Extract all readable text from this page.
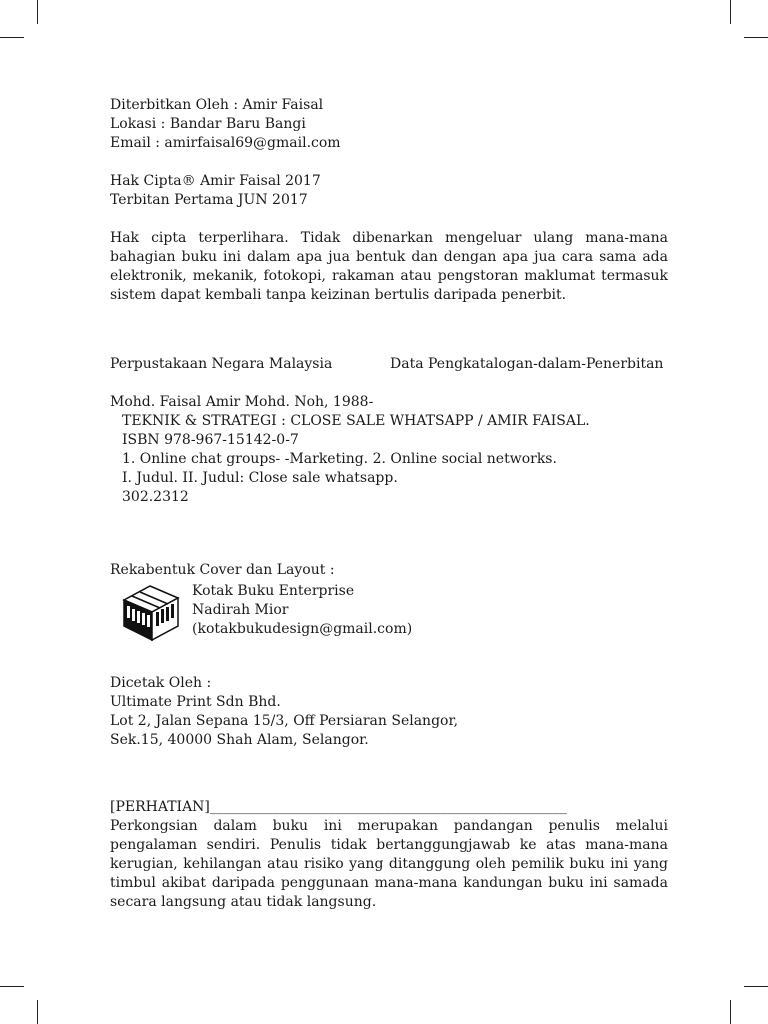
Diterbitkan Oleh : Amir Faisal
Lokasi : Bandar Baru Bangi
Email : amirfaisal69@gmail.com
Hak Cipta® Amir Faisal 2017
Terbitan Pertama JUN 2017
Hak cipta terperlihara. Tidak dibenarkan mengeluar ulang mana-mana bahagian buku ini dalam apa jua bentuk dan dengan apa jua cara sama ada elektronik, mekanik, fotokopi, rakaman atau pengstoran maklumat termasuk sistem dapat kembali tanpa keizinan bertulis daripada penerbit.
Perpustakaan Negara Malaysia	Data Pengkatalogan-dalam-Penerbitan
Mohd. Faisal Amir Mohd. Noh, 1988-
TEKNIK & STRATEGI : CLOSE SALE WHATSAPP / AMIR FAISAL.
ISBN 978-967-15142-0-7
1. Online chat groups- -Marketing. 2. Online social networks.
I. Judul. II. Judul: Close sale whatsapp.
302.2312
Rekabentuk Cover dan Layout :
Kotak Buku Enterprise
Nadirah Mior
(kotakbukudesign@gmail.com)
Dicetak Oleh :
Ultimate Print Sdn Bhd.
Lot 2, Jalan Sepana 15/3, Off Persiaran Selangor,
Sek.15, 40000 Shah Alam, Selangor.
[PERHATIAN]___________________________________________________
Perkongsian dalam buku ini merupakan pandangan penulis melalui pengalaman sendiri. Penulis tidak bertanggungjawab ke atas mana-mana kerugian, kehilangan atau risiko yang ditanggung oleh pemilik buku ini yang timbul akibat daripada penggunaan mana-mana kandungan buku ini samada secara langsung atau tidak langsung.
